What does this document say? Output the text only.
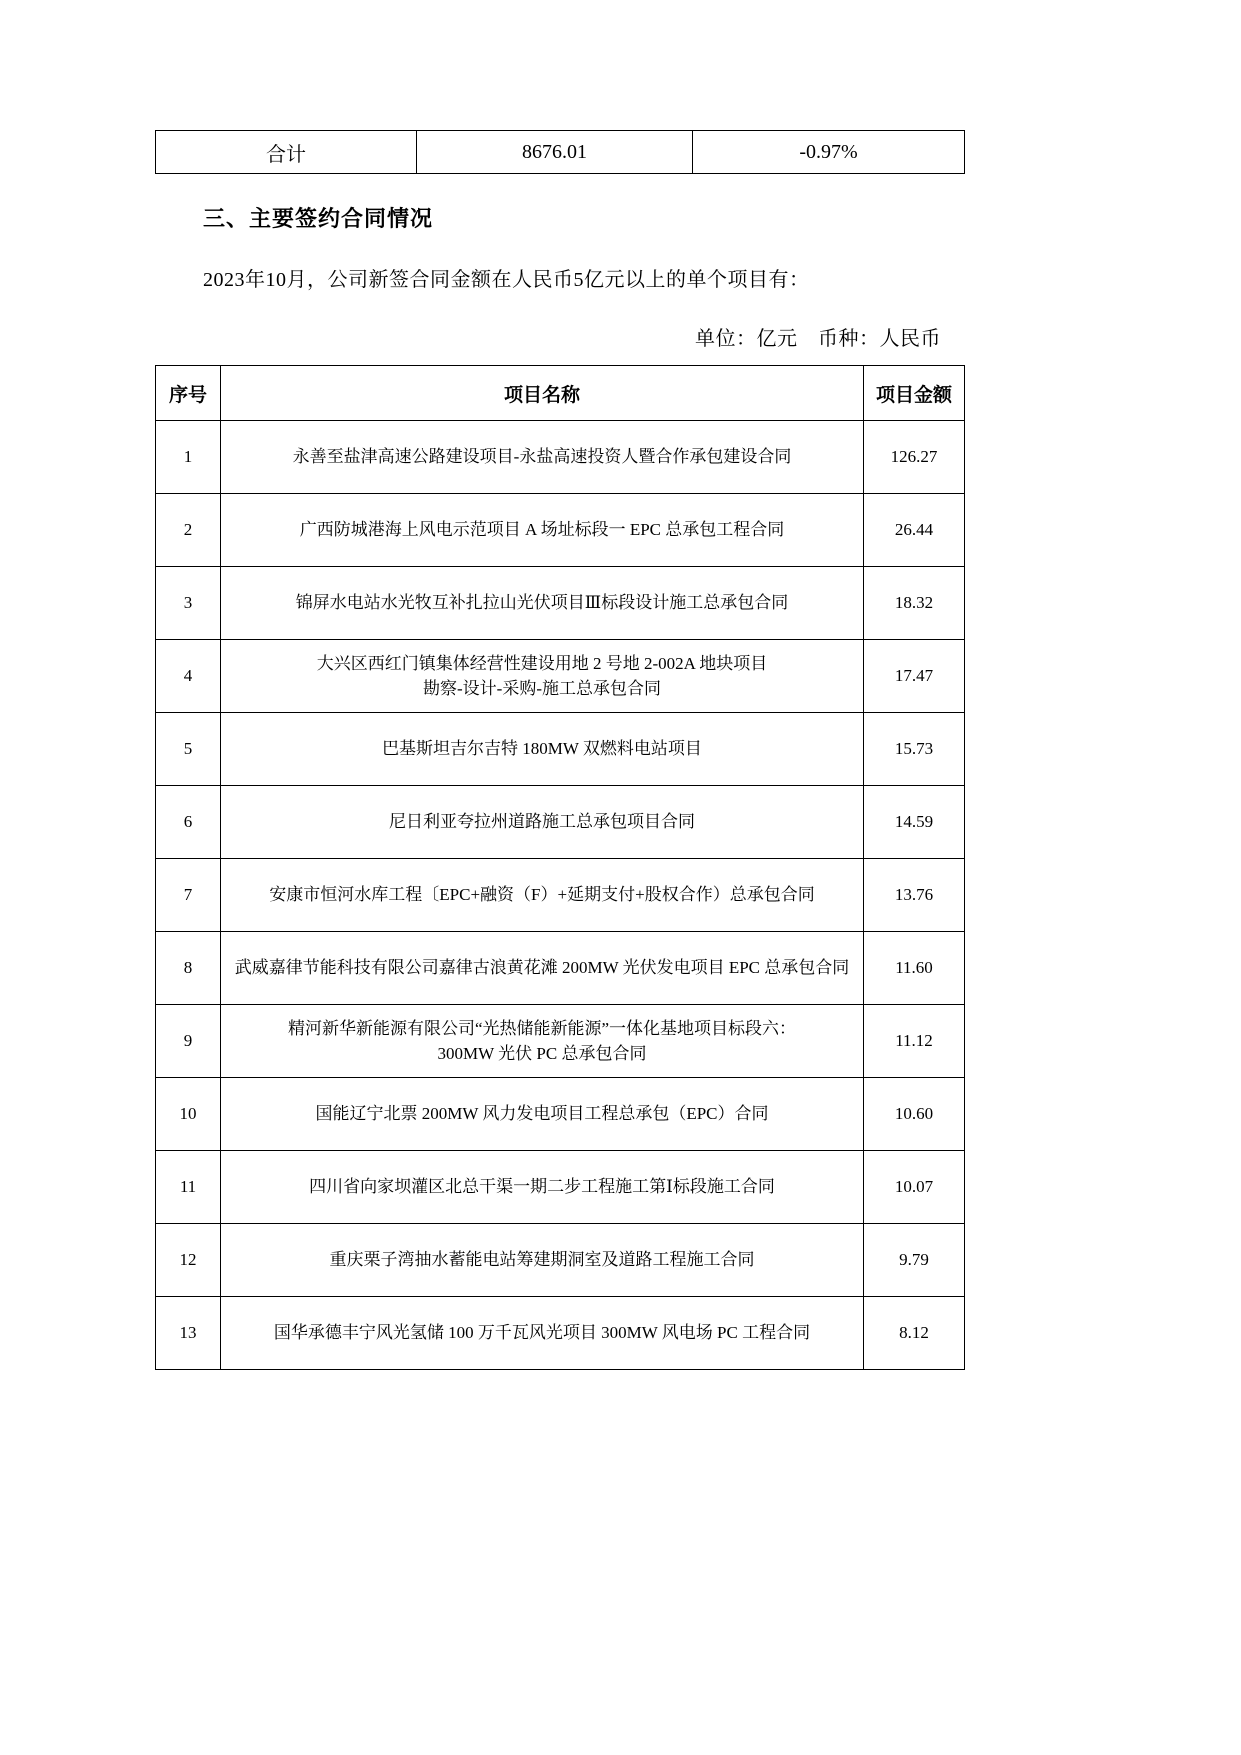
合计	8676.01	-0.97%
三、主要签约合同情况
2023年10月，公司新签合同金额在人民币5亿元以上的单个项目有：
单位：亿元　币种：人民币
序号	项目名称	项目金额
1	永善至盐津高速公路建设项目-永盐高速投资人暨合作承包建设合同	126.27
2	广西防城港海上风电示范项目 A 场址标段一 EPC 总承包工程合同	26.44
3	锦屏水电站水光牧互补扎拉山光伏项目Ⅲ标段设计施工总承包合同	18.32
4	大兴区西红门镇集体经营性建设用地 2 号地 2-002A 地块项目
勘察-设计-采购-施工总承包合同	17.47
5	巴基斯坦吉尔吉特 180MW 双燃料电站项目	15.73
6	尼日利亚夸拉州道路施工总承包项目合同	14.59
7	安康市恒河水库工程〔EPC+融资（F）+延期支付+股权合作）总承包合同	13.76
8	武威嘉律节能科技有限公司嘉律古浪黄花滩 200MW 光伏发电项目 EPC 总承包合同	11.60
9	精河新华新能源有限公司“光热储能新能源”一体化基地项目标段六：
300MW 光伏 PC 总承包合同	11.12
10	国能辽宁北票 200MW 风力发电项目工程总承包（EPC）合同	10.60
11	四川省向家坝灌区北总干渠一期二步工程施工第Ⅰ标段施工合同	10.07
12	重庆栗子湾抽水蓄能电站筹建期洞室及道路工程施工合同	9.79
13	国华承德丰宁风光氢储 100 万千瓦风光项目 300MW 风电场 PC 工程合同	8.12
